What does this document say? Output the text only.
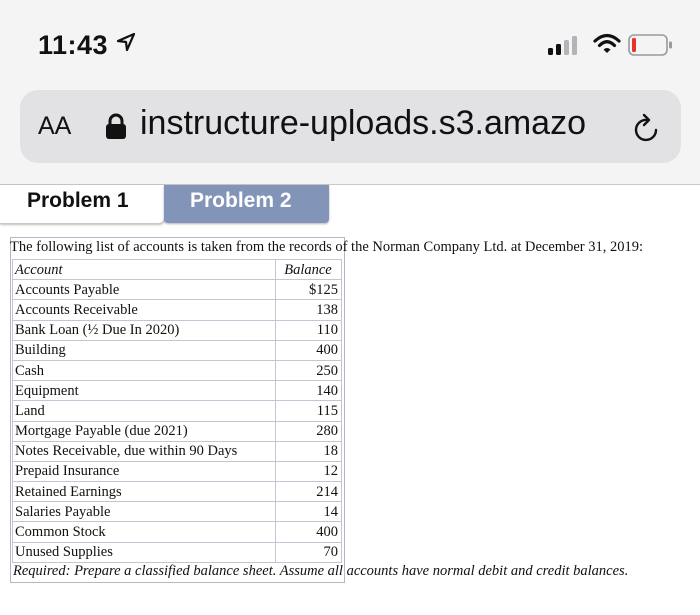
11:43
AA instructure-uploads.s3.amazo
Problem 1	Problem 2
The following list of accounts is taken from the records of the Norman Company Ltd. at December 31, 2019:
Account	Balance
Accounts Payable	$125
Accounts Receivable	138
Bank Loan (½ Due In 2020)	110
Building	400
Cash	250
Equipment	140
Land	115
Mortgage Payable (due 2021)	280
Notes Receivable, due within 90 Days	18
Prepaid Insurance	12
Retained Earnings	214
Salaries Payable	14
Common Stock	400
Unused Supplies	70
Required: Prepare a classified balance sheet. Assume all accounts have normal debit and credit balances.
